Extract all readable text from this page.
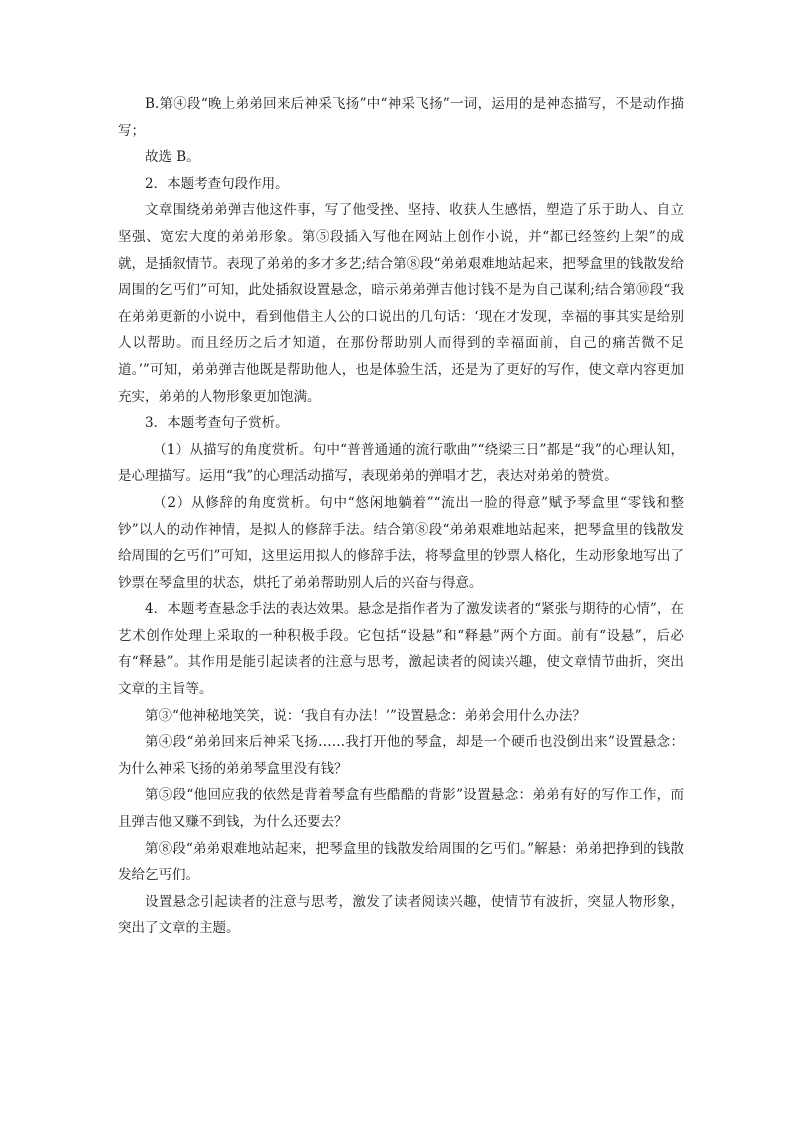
B.第④段“晚上弟弟回来后神采飞扬”中“神采飞扬”一词，运用的是神态描写，不是动作描写；

故选 B。

2．本题考查句段作用。

文章围绕弟弟弹吉他这件事，写了他受挫、坚持、收获人生感悟，塑造了乐于助人、自立坚强、宽宏大度的弟弟形象。第⑤段插入写他在网站上创作小说，并“都已经签约上架”的成就，是插叙情节。表现了弟弟的多才多艺;结合第⑧段“弟弟艰难地站起来，把琴盒里的钱散发给周围的乞丐们”可知，此处插叙设置悬念，暗示弟弟弹吉他讨钱不是为自己谋利;结合第⑩段“我在弟弟更新的小说中，看到他借主人公的口说出的几句话：‘现在才发现，幸福的事其实是给别人以帮助。而且经历之后才知道，在那份帮助别人而得到的幸福面前，自己的痛苦微不足道。’”可知，弟弟弹吉他既是帮助他人，也是体验生活，还是为了更好的写作，使文章内容更加充实，弟弟的人物形象更加饱满。

3．本题考查句子赏析。

（1）从描写的角度赏析。句中“普普通通的流行歌曲”“绕梁三日”都是“我”的心理认知，是心理描写。运用“我”的心理活动描写，表现弟弟的弹唱才艺，表达对弟弟的赞赏。

（2）从修辞的角度赏析。句中“悠闲地躺着”“流出一脸的得意”赋予琴盒里“零钱和整钞”以人的动作神情，是拟人的修辞手法。结合第⑧段“弟弟艰难地站起来，把琴盒里的钱散发给周围的乞丐们”可知，这里运用拟人的修辞手法，将琴盒里的钞票人格化，生动形象地写出了钞票在琴盒里的状态，烘托了弟弟帮助别人后的兴奋与得意。

4．本题考查悬念手法的表达效果。悬念是指作者为了激发读者的“紧张与期待的心情”，在艺术创作处理上采取的一种积极手段。它包括“设悬”和“释悬”两个方面。前有“设悬”，后必有“释悬”。其作用是能引起读者的注意与思考，激起读者的阅读兴趣，使文章情节曲折，突出文章的主旨等。

第③“他神秘地笑笑，说：‘我自有办法！’”设置悬念：弟弟会用什么办法？

第④段“弟弟回来后神采飞扬……我打开他的琴盒，却是一个硬币也没倒出来”设置悬念：为什么神采飞扬的弟弟琴盒里没有钱？

第⑤段“他回应我的依然是背着琴盒有些酷酷的背影”设置悬念：弟弟有好的写作工作，而且弹吉他又赚不到钱，为什么还要去？

第⑧段“弟弟艰难地站起来，把琴盒里的钱散发给周围的乞丐们。”解悬：弟弟把挣到的钱散发给乞丐们。

设置悬念引起读者的注意与思考，激发了读者阅读兴趣，使情节有波折，突显人物形象，突出了文章的主题。
